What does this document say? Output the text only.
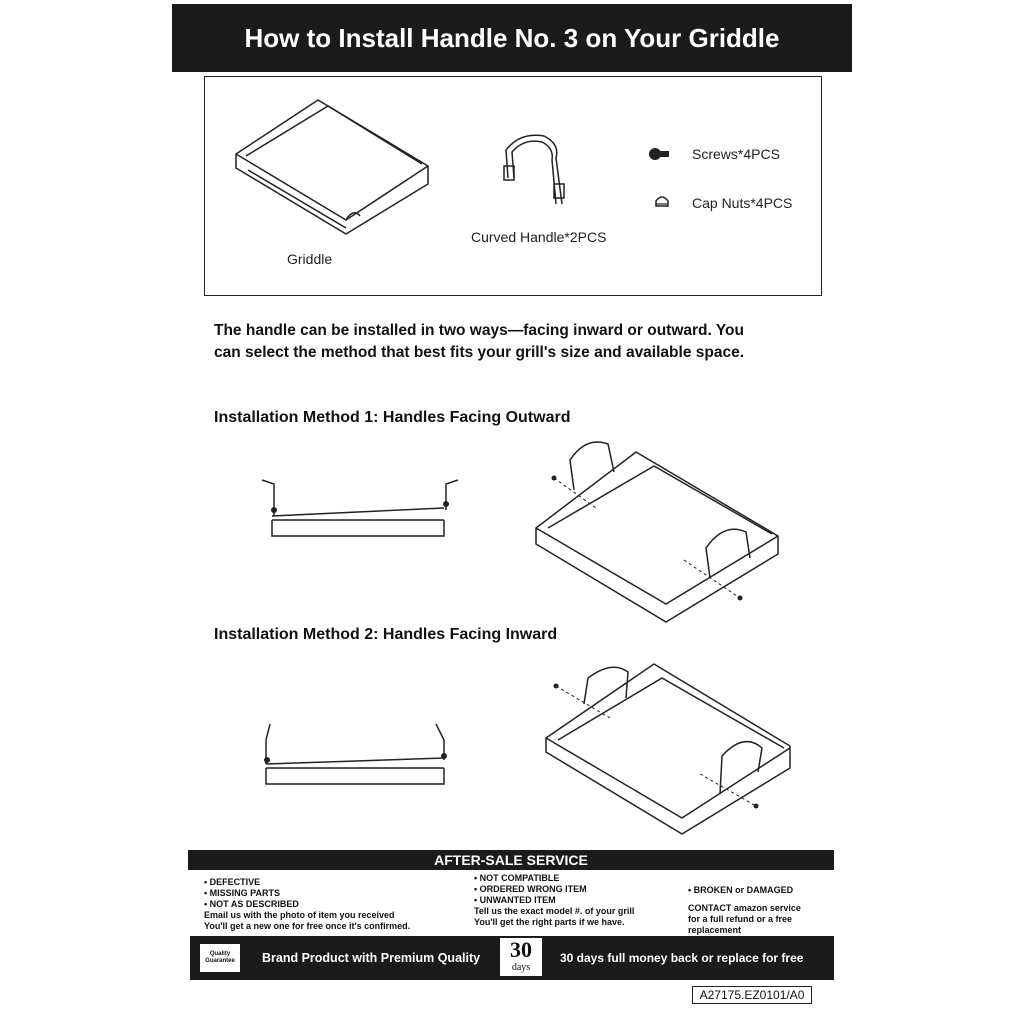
How to Install Handle No. 3 on Your Griddle
Griddle
Curved Handle*2PCS
Screws*4PCS
Cap Nuts*4PCS
The handle can be installed in two ways—facing inward or outward. You can select the method that best fits your grill's size and available space.
Installation Method 1: Handles Facing Outward
Installation Method 2: Handles Facing Inward
AFTER-SALE SERVICE
• DEFECTIVE
• MISSING PARTS
• NOT AS DESCRIBED
Email us with the photo of item you received
You'll get a new one for free once it's confirmed.
• NOT COMPATIBLE
• ORDERED WRONG ITEM
• UNWANTED ITEM
Tell us the exact model #. of your grill
You'll get the right parts if we have.
• BROKEN or DAMAGED
CONTACT amazon service
for a full refund or a free
replacement
Quality Guarantee	Brand Product with Premium Quality	30
days
30 days full money back or replace for free
A27175.EZ0101/A0
